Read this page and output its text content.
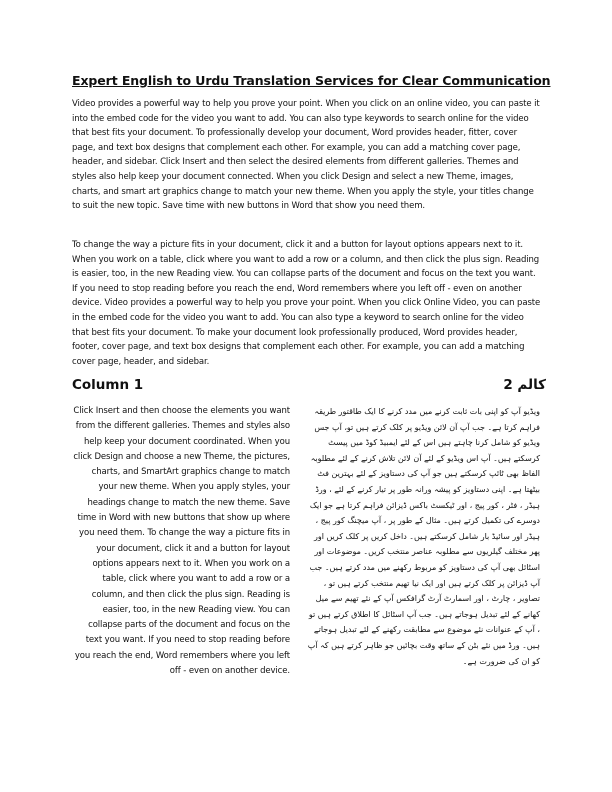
Expert English to Urdu Translation Services for Clear Communication

Video provides a powerful way to help you prove your point. When you click on an online video, you can paste it into the embed code for the video you want to add. You can also type keywords to search online for the video that best fits your document. To professionally develop your document, Word provides header, fitter, cover page, and text box designs that complement each other. For example, you can add a matching cover page, header, and sidebar. Click Insert and then select the desired elements from different galleries. Themes and styles also help keep your document connected. When you click Design and select a new Theme, images, charts, and smart art graphics change to match your new theme. When you apply the style, your titles change to suit the new topic. Save time with new buttons in Word that show you need them.

To change the way a picture fits in your document, click it and a button for layout options appears next to it. When you work on a table, click where you want to add a row or a column, and then click the plus sign. Reading is easier, too, in the new Reading view. You can collapse parts of the document and focus on the text you want. If you need to stop reading before you reach the end, Word remembers where you left off - even on another device. Video provides a powerful way to help you prove your point. When you click Online Video, you can paste in the embed code for the video you want to add. You can also type a keyword to search online for the video that best fits your document. To make your document look professionally produced, Word provides header, footer, cover page, and text box designs that complement each other. For example, you can add a matching cover page, header, and sidebar.

Column 1	کالم 2

Click Insert and then choose the elements you want from the different galleries. Themes and styles also help keep your document coordinated. When you click Design and choose a new Theme, the pictures, charts, and SmartArt graphics change to match your new theme. When you apply styles, your headings change to match the new theme. Save time in Word with new buttons that show up where you need them. To change the way a picture fits in your document, click it and a button for layout options appears next to it. When you work on a table, click where you want to add a row or a column, and then click the plus sign. Reading is easier, too, in the new Reading view. You can collapse parts of the document and focus on the text you want. If you need to stop reading before you reach the end, Word remembers where you left off - even on another device.

ویڈیو آپ کو اپنی بات ثابت کرنے میں مدد کرنے کا ایک طاقتور طریقہ فراہم کرتا ہے۔ جب آپ آن لائن ویڈیو پر کلک کرتے ہیں تو، آپ جس ویڈیو کو شامل کرنا چاہتے ہیں اس کے لئے ایمبیڈ کوڈ میں پیسٹ کرسکتے ہیں۔ آپ اس ویڈیو کے لئے آن لائن تلاش کرنے کے لئے مطلوبہ الفاظ بھی ٹائپ کرسکتے ہیں جو آپ کی دستاویز کے لئے بہترین فٹ بیٹھتا ہے۔ اپنی دستاویز کو پیشہ ورانہ طور پر تیار کرنے کے لئے ، ورڈ ہیڈر ، فٹر ، کور پیج ، اور ٹیکسٹ باکس ڈیزائن فراہم کرتا ہے جو ایک دوسرے کی تکمیل کرتے ہیں۔ مثال کے طور پر ، آپ میچنگ کور پیج ، ہیڈر اور سائیڈ بار شامل کرسکتے ہیں۔ داخل کریں پر کلک کریں اور پھر مختلف گیلریوں سے مطلوبہ عناصر منتخب کریں۔ موضوعات اور اسٹائل بھی آپ کی دستاویز کو مربوط رکھنے میں مدد کرتے ہیں۔ جب آپ ڈیزائن پر کلک کرتے ہیں اور ایک نیا تھیم منتخب کرتے ہیں تو ، تصاویر ، چارٹ ، اور اسمارٹ آرٹ گرافکس آپ کے نئے تھیم سے میل کھانے کے لئے تبدیل ہوجاتے ہیں۔ جب آپ اسٹائل کا اطلاق کرتے ہیں تو ، آپ کے عنوانات نئے موضوع سے مطابقت رکھنے کے لئے تبدیل ہوجاتے ہیں۔ ورڈ میں نئے بٹن کے ساتھ وقت بچائیں جو ظاہر کرتے ہیں کہ آپ کو ان کی ضرورت ہے۔
